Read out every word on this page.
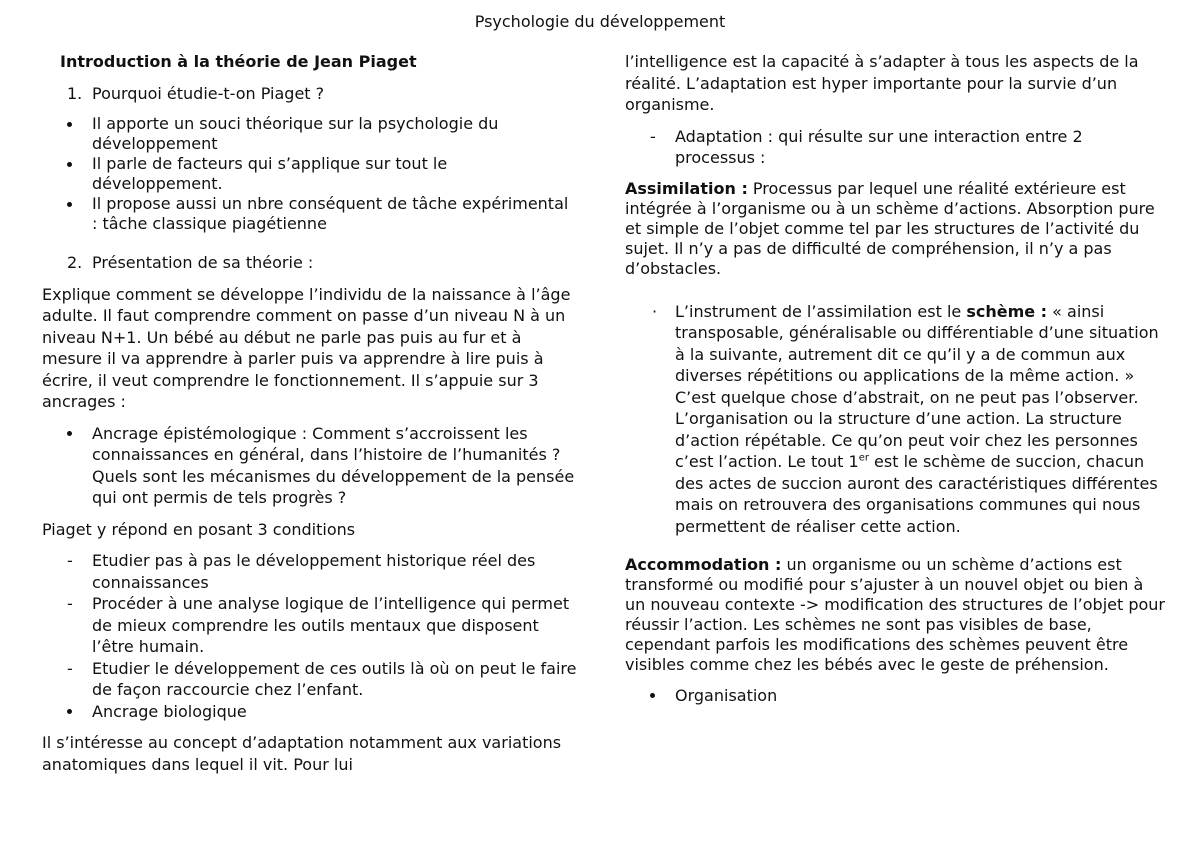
Psychologie du développement
Introduction à la théorie de Jean Piaget
1. Pourquoi étudie-t-on Piaget ?
Il apporte un souci théorique sur la psychologie du développement
Il parle de facteurs qui s’applique sur tout le développement.
Il propose aussi un nbre conséquent de tâche expérimental : tâche classique piagétienne
2. Présentation de sa théorie :

Explique comment se développe l’individu de la naissance à l’âge adulte. Il faut comprendre comment on passe d’un niveau N à un niveau N+1. Un bébé au début ne parle pas puis au fur et à mesure il va apprendre à parler puis va apprendre à lire puis à écrire, il veut comprendre le fonctionnement. Il s’appuie sur 3 ancrages :

Ancrage épistémologique : Comment s’accroissent les connaissances en général, dans l’histoire de l’humanités ? Quels sont les mécanismes du développement de la pensée qui ont permis de tels progrès ?

Piaget y répond en posant 3 conditions

- Etudier pas à pas le développement historique réel des connaissances
- Procéder à une analyse logique de l’intelligence qui permet de mieux comprendre les outils mentaux que disposent l’être humain.
- Etudier le développement de ces outils là où on peut le faire de façon raccourcie chez l’enfant.
Ancrage biologique

Il s’intéresse au concept d’adaptation notamment aux variations anatomiques dans lequel il vit. Pour lui

l’intelligence est la capacité à s’adapter à tous les aspects de la réalité. L’adaptation est hyper importante pour la survie d’un organisme.

- Adaptation : qui résulte sur une interaction entre 2 processus :

Assimilation : Processus par lequel une réalité extérieure est intégrée à l’organisme ou à un schème d’actions. Absorption pure et simple de l’objet comme tel par les structures de l’activité du sujet. Il n’y a pas de difficulté de compréhension, il n’y a pas d’obstacles.

· L’instrument de l’assimilation est le schème : « ainsi transposable, généralisable ou différentiable d’une situation à la suivante, autrement dit ce qu’il y a de commun aux diverses répétitions ou applications de la même action. » C’est quelque chose d’abstrait, on ne peut pas l’observer. L’organisation ou la structure d’une action. La structure d’action répétable. Ce qu’on peut voir chez les personnes c’est l’action. Le tout 1er est le schème de succion, chacun des actes de succion auront des caractéristiques différentes mais on retrouvera des organisations communes qui nous permettent de réaliser cette action.

Accommodation : un organisme ou un schème d’actions est transformé ou modifié pour s’ajuster à un nouvel objet ou bien à un nouveau contexte -> modification des structures de l’objet pour réussir l’action. Les schèmes ne sont pas visibles de base, cependant parfois les modifications des schèmes peuvent être visibles comme chez les bébés avec le geste de préhension.

Organisation
